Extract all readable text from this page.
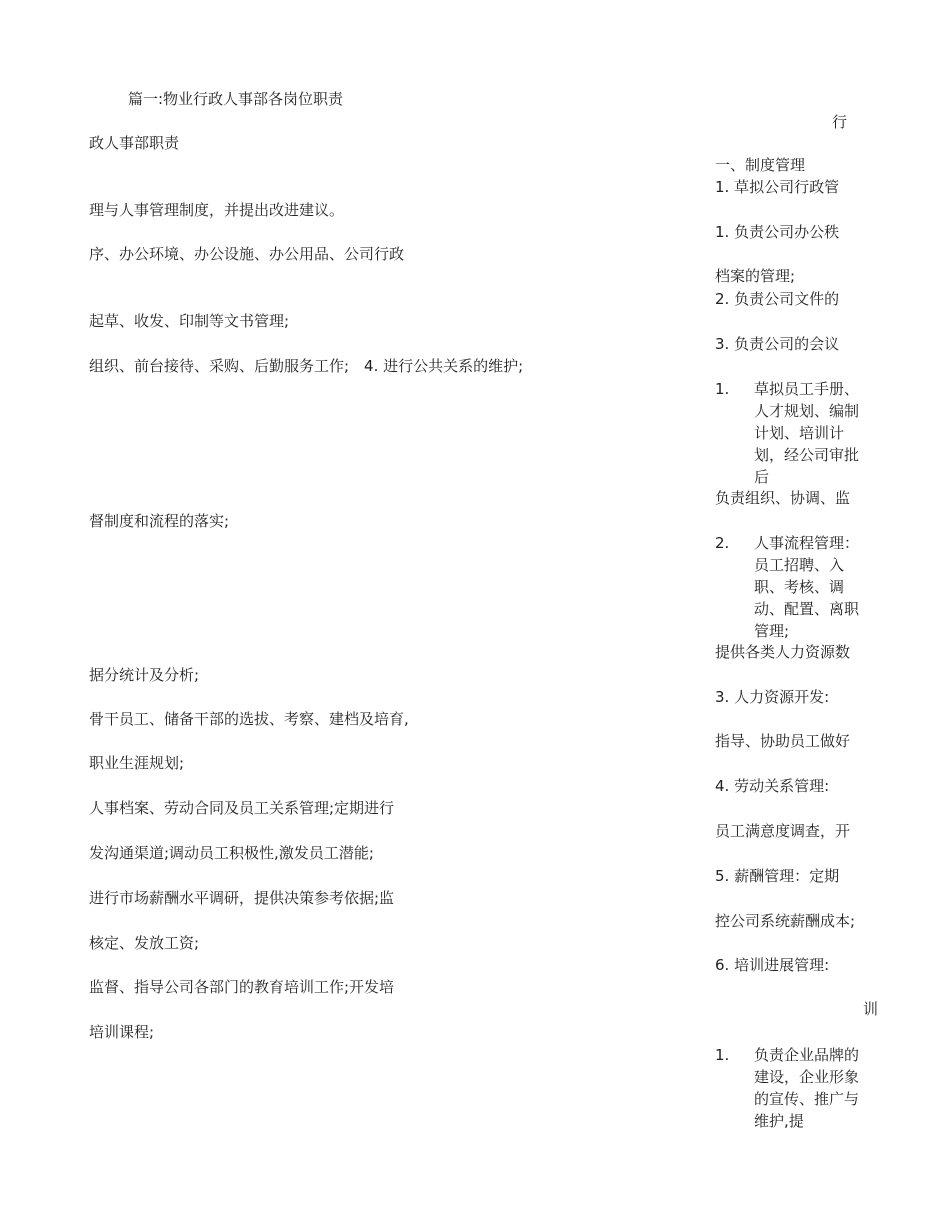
篇一:物业行政人事部各岗位职责
政人事部职责
理与人事管理制度，并提出改进建议。
序、办公环境、办公设施、办公用品、公司行政
起草、收发、印制等文书管理;
组织、前台接待、采购、后勤服务工作;　4. 进行公共关系的维护;
督制度和流程的落实;
据分统计及分析;
骨干员工、储备干部的选拔、考察、建档及培育,
职业生涯规划;
人事档案、劳动合同及员工关系管理;定期进行
发沟通渠道;调动员工积极性,激发员工潜能;
进行市场薪酬水平调研，提供决策参考依据;监
核定、发放工资;
监督、指导公司各部门的教育培训工作;开发培
培训课程;
行
一、制度管理
1. 草拟公司行政管
1. 负责公司办公秩
档案的管理;
2. 负责公司文件的
3. 负责公司的会议
1. 草拟员工手册、人才规划、编制计划、培训计划，经公司审批后
负责组织、协调、监
2. 人事流程管理：员工招聘、入职、考核、调动、配置、离职管理;
提供各类人力资源数
3. 人力资源开发:
指导、协助员工做好
4. 劳动关系管理:
员工满意度调查，开
5. 薪酬管理：定期
控公司系统薪酬成本;
6. 培训进展管理:
训
1. 负责企业品牌的建设，企业形象的宣传、推广与维护,提
